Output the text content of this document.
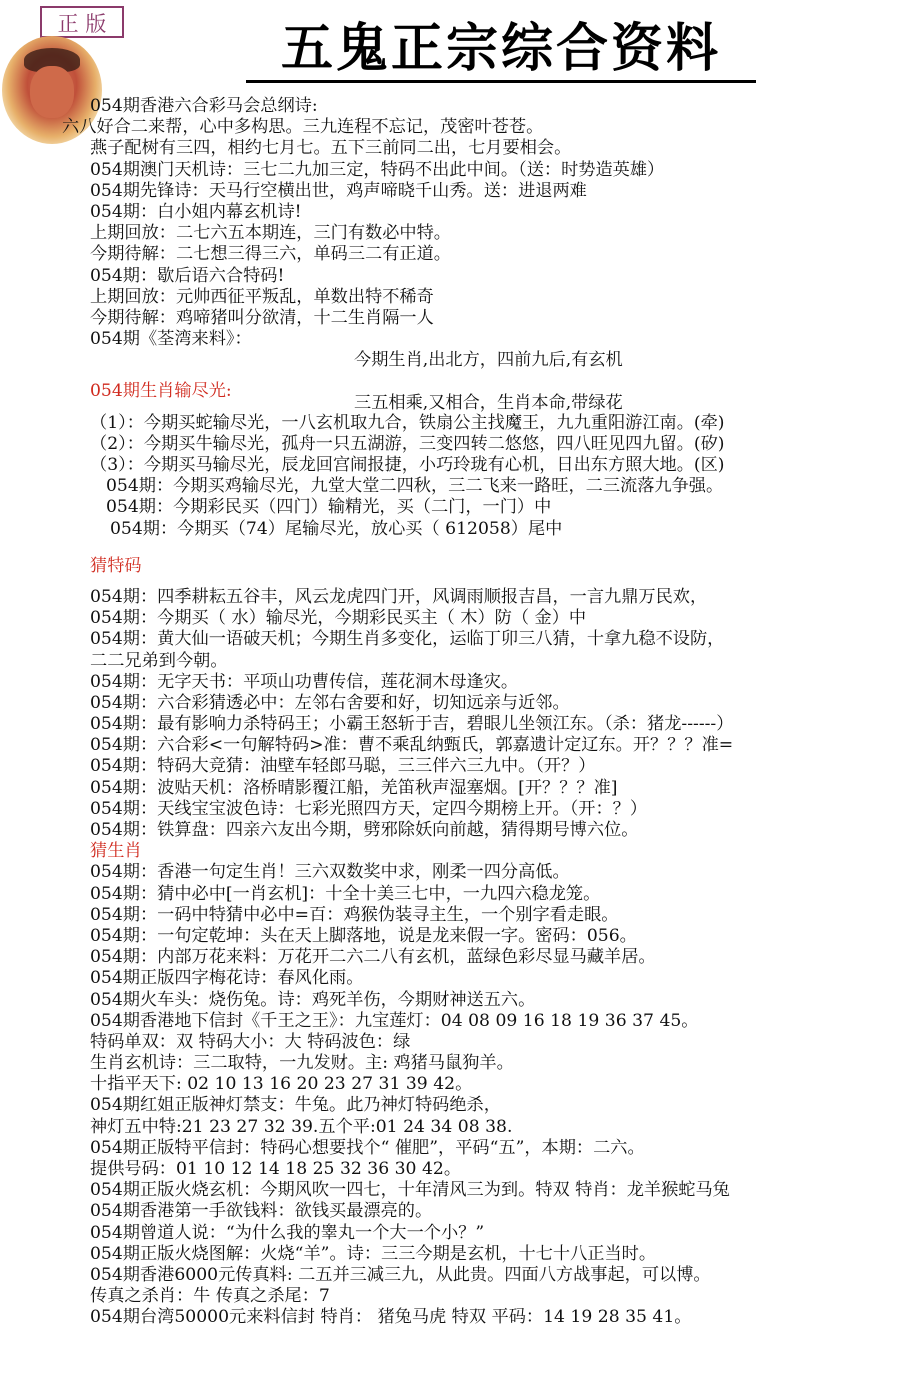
正 版	五鬼正宗综合资料
054期香港六合彩马会总纲诗:
六八好合二来帮，心中多构思。三九连程不忘记，茂密叶苍苍。
燕子配树有三四，相约七月七。五下三前同二出，七月要相会。
054期澳门天机诗：三七二九加三定，特码不出此中间。（送：时势造英雄）
054期先锋诗：天马行空横出世，鸡声啼晓千山秀。送：进退两难
054期：白小姐内幕玄机诗!
上期回放：二七六五本期连，三门有数必中特。
今期待解：二七想三得三六，单码三二有正道。
054期：歇后语六合特码!
上期回放：元帅西征平叛乱，单数出特不稀奇
今期待解：鸡啼猪叫分欲清，十二生肖隔一人
054期《荃湾来料》：
今期生肖,出北方，四前九后,有玄机
三五相乘,又相合，生肖本命,带绿花
054期生肖输尽光:
（1）：今期买蛇输尽光，一八玄机取九合，铁扇公主找魔王，九九重阳游江南。(牵)
（2）：今期买牛输尽光，孤舟一只五湖游，三变四转二悠悠，四八旺见四九留。(矽)
（3）：今期买马输尽光，辰龙回宫闹报捷，小巧玲珑有心机，日出东方照大地。(区)
054期：今期买鸡输尽光，九堂大堂二四秋，三二飞来一路旺，二三流落九争强。
054期：今期彩民买（四门）输精光，买（二门，一门）中
054期：今期买（74）尾输尽光，放心买（ 612058）尾中
猜特码
054期：四季耕耘五谷丰，风云龙虎四门开，风调雨顺报吉昌，一言九鼎万民欢，
054期：今期买（ 水）输尽光，今期彩民买主（ 木）防（ 金）中
054期：黄大仙一语破天机；今期生肖多变化，运临丁卯三八猜，十拿九稳不设防，
二二兄弟到今朝。
054期：无字天书：平项山功曹传信，莲花洞木母逢灾。
054期：六合彩猜透必中：左邻右舍要和好，切知远亲与近邻。
054期：最有影响力杀特码王；小霸王怒斩于吉，碧眼儿坐领江东。（杀：猪龙------）
054期：六合彩<一句解特码>准：曹不乘乱纳甄氏，郭嘉遗计定辽东。开？？？准=
054期：特码大竞猜：油壁车轻郎马聪，三三伴六三九中。（开？）
054期：波贴天机：洛桥晴影覆江船，羌笛秋声湿塞烟。[开？？？准]
054期：天线宝宝波色诗：七彩光照四方天，定四今期榜上开。（开：？）
054期：铁算盘：四亲六友出今期，劈邪除妖向前越，猜得期号博六位。
猜生肖
054期：香港一句定生肖！三六双数奖中求，刚柔一四分高低。
054期：猜中必中[一肖玄机]：十全十美三七中，一九四六稳龙笼。
054期：一码中特猜中必中=百：鸡猴伪装寻主生，一个别字看走眼。
054期：一句定乾坤：头在天上脚落地，说是龙来假一字。密码：056。
054期：内部万花来料：万花开二六二八有玄机，蓝绿色彩尽显马藏羊居。
054期正版四字梅花诗：春风化雨。
054期火车头：烧伤兔。诗：鸡死羊伤，今期财神送五六。
054期香港地下信封《千王之王》：九宝莲灯：04 08 09 16 18 19 36 37 45。
特码单双：双 特码大小：大 特码波色：绿
生肖玄机诗：三二取特，一九发财。主: 鸡猪马鼠狗羊。
十指平天下: 02 10 13 16 20 23 27 31 39 42。
054期红姐正版神灯禁支：牛兔。此乃神灯特码绝杀，
神灯五中特:21 23 27 32 39.五个平:01 24 34 08 38.
054期正版特平信封：特码心想要找个“ 催肥”，平码“五”，本期：二六。
提供号码：01 10 12 14 18 25 32 36 30 42。
054期正版火烧玄机：今期风吹一四七，十年清风三为到。特双 特肖：龙羊猴蛇马兔
054期香港第一手欲钱料：欲钱买最漂亮的。
054期曾道人说：“为什么我的睾丸一个大一个小？”
054期正版火烧图解：火烧“羊”。诗：三三今期是玄机，十七十八正当时。
054期香港6000元传真料: 二五并三减三九，从此贵。四面八方战事起，可以博。
传真之杀肖：牛 传真之杀尾：7
054期台湾50000元来料信封 特肖： 猪兔马虎 特双 平码：14 19 28 35 41。
